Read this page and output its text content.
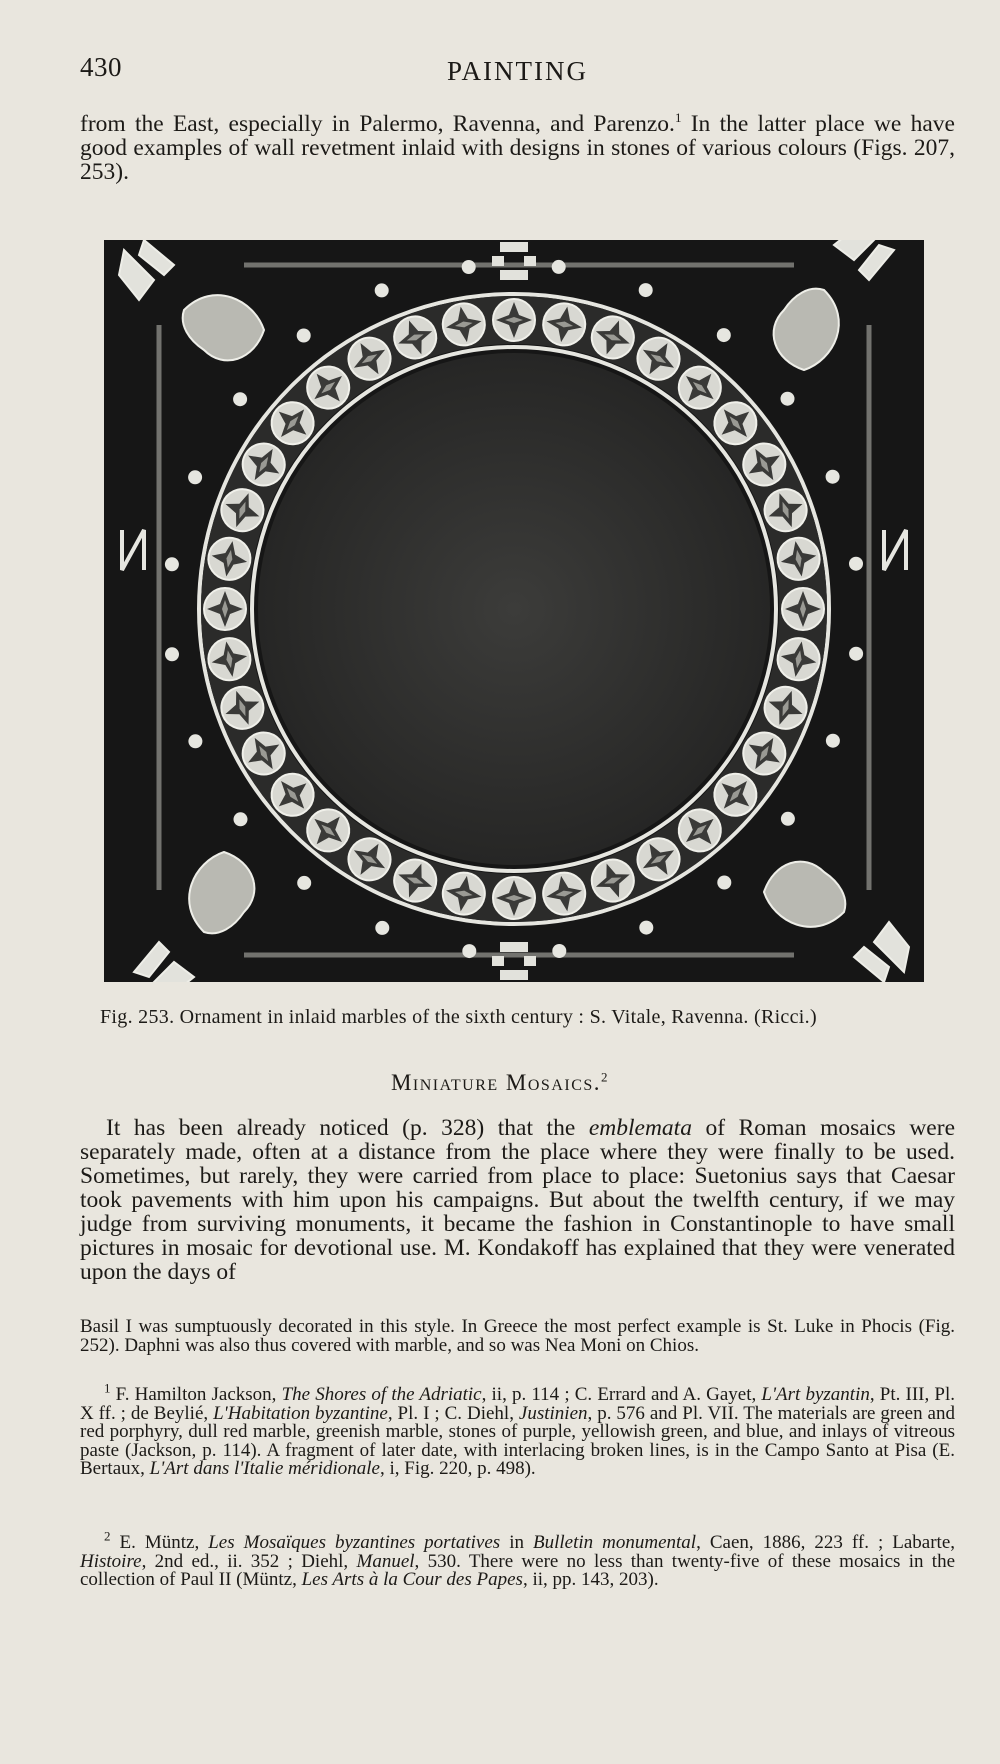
430	PAINTING

from the East, especially in Palermo, Ravenna, and Parenzo.$^1$ In the latter place we have good examples of wall revetment inlaid with designs in stones of various colours (Figs. 207, 253).

Fig. 253. Ornament in inlaid marbles of the sixth century : S. Vitale, Ravenna. (Ricci.)
Miniature Mosaics.$^2$

It has been already noticed (p. 328) that the emblemata of Roman mosaics were separately made, often at a distance from the place where they were finally to be used. Sometimes, but rarely, they were carried from place to place: Suetonius says that Caesar took pavements with him upon his campaigns. But about the twelfth century, if we may judge from surviving monuments, it became the fashion in Constantinople to have small pictures in mosaic for devotional use. M. Kondakoff has explained that they were venerated upon the days of

Basil I was sumptuously decorated in this style. In Greece the most perfect example is St. Luke in Phocis (Fig. 252). Daphni was also thus covered with marble, and so was Nea Moni on Chios.

$^1$ F. Hamilton Jackson, The Shores of the Adriatic, ii, p. 114 ; C. Errard and A. Gayet, L'Art byzantin, Pt. III, Pl. X ff. ; de Beylié, L'Habitation byzantine, Pl. I ; C. Diehl, Justinien, p. 576 and Pl. VII. The materials are green and red porphyry, dull red marble, greenish marble, stones of purple, yellowish green, and blue, and inlays of vitreous paste (Jackson, p. 114). A fragment of later date, with interlacing broken lines, is in the Campo Santo at Pisa (E. Bertaux, L'Art dans l'Italie méridionale, i, Fig. 220, p. 498).

$^2$ E. Müntz, Les Mosaïques byzantines portatives in Bulletin monumental, Caen, 1886, 223 ff. ; Labarte, Histoire, 2nd ed., ii. 352 ; Diehl, Manuel, 530. There were no less than twenty-five of these mosaics in the collection of Paul II (Müntz, Les Arts à la Cour des Papes, ii, pp. 143, 203).
